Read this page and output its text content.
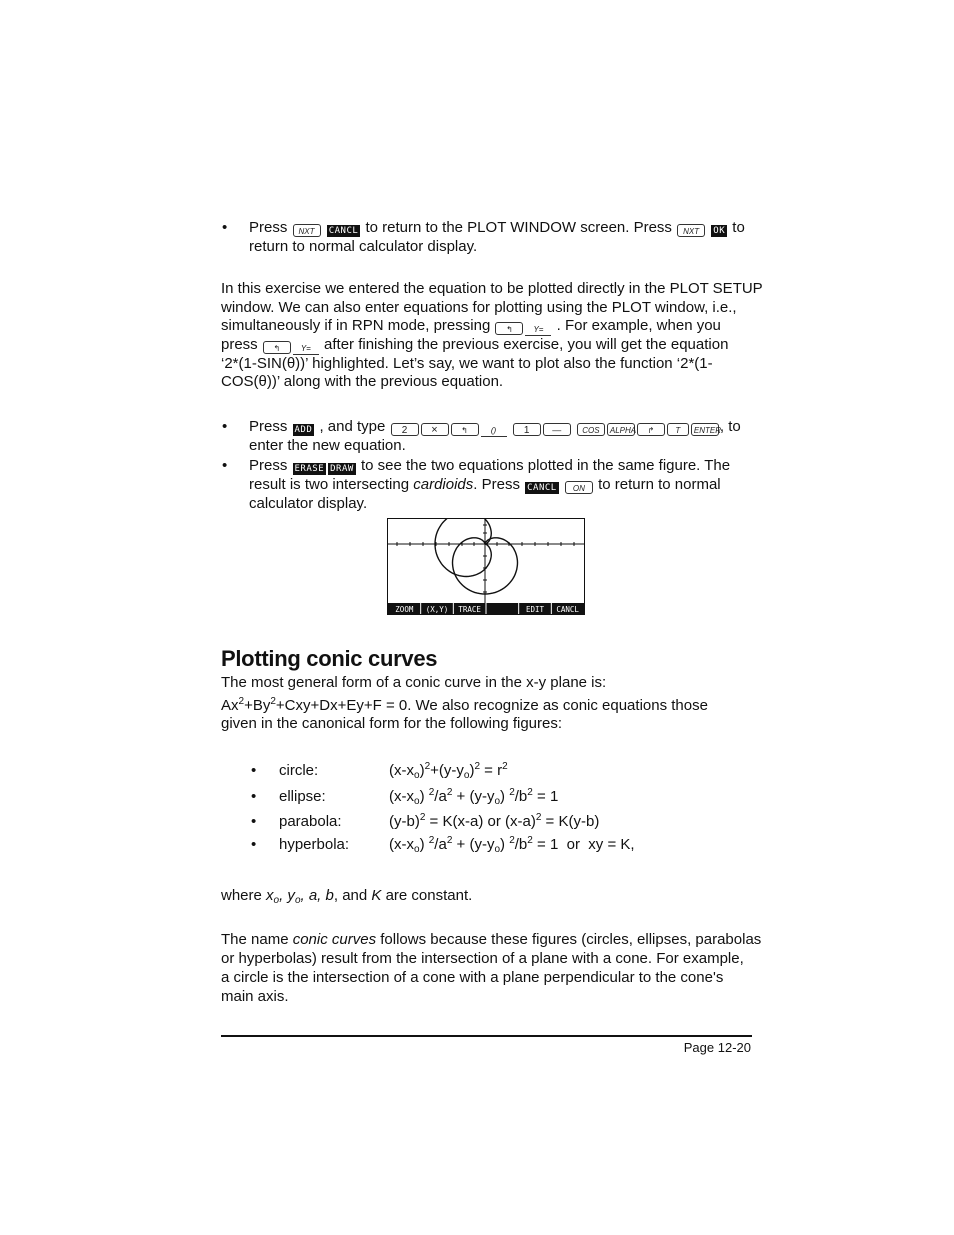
• Press NXT CANCL to return to the PLOT WINDOW screen. Press NXT OK to
return to normal calculator display.
In this exercise we entered the equation to be plotted directly in the PLOT SETUP
window. We can also enter equations for plotting using the PLOT window, i.e.,
simultaneously if in RPN mode, pressing ↰	Y= . For example, when you
press ↰	Y= after finishing the previous exercise, you will get the equation
‘2*(1-SIN(θ))’ highlighted. Let’s say, we want to plot also the function ‘2*(1-
COS(θ))’ along with the previous equation.
• Press ADD , and type 2 ×	↰	()	1	—	COS ALPHA ↱	T ENTER, to
enter the new equation.
• Press ERASE DRAW to see the two equations plotted in the same figure. The
result is two intersecting cardioids. Press CANCL ON to return to normal
calculator display.
ZOOM (X,Y) TRACE	EDIT CANCL
Plotting conic curves
The most general form of a conic curve in the x-y plane is:
$Ax^2+By^2+Cxy+Dx+Ey+F = 0$. We also recognize as conic equations those
given in the canonical form for the following figures:
• circle:	$(x-x_o)^2+(y-y_o)^2 = r^2$
• ellipse:	$(x-x_o) ^2/a^2 + (y-y_o) ^2/b^2 = 1$
• parabola:	$(y-b)^2 = K(x-a)$ or $(x-a)^2 = K(y-b)$
• hyperbola:	$(x-x_o) ^2/a^2 + (y-y_o) ^2/b^2 = 1$  or  xy = K,
where $x_o$, $y_o$, a, b, and K are constant.
The name conic curves follows because these figures (circles, ellipses, parabolas
or hyperbolas) result from the intersection of a plane with a cone. For example,
a circle is the intersection of a cone with a plane perpendicular to the cone's
main axis.
Page 12-20
